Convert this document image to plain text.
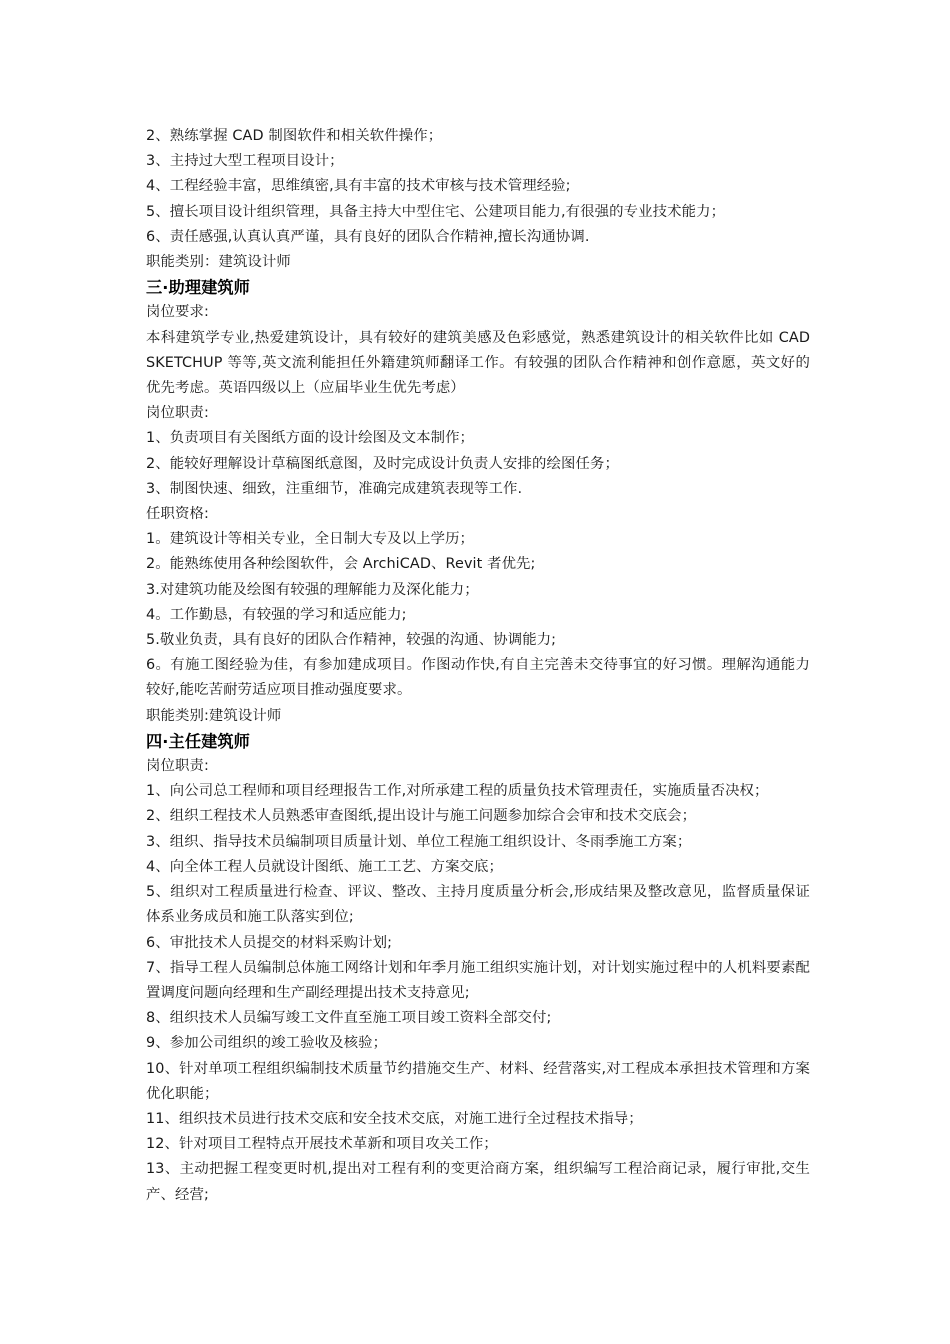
2、熟练掌握 CAD 制图软件和相关软件操作；
3、主持过大型工程项目设计；
4、工程经验丰富，思维缜密,具有丰富的技术审核与技术管理经验;
5、擅长项目设计组织管理，具备主持大中型住宅、公建项目能力,有很强的专业技术能力；
6、责任感强,认真认真严谨，具有良好的团队合作精神,擅长沟通协调.
职能类别：建筑设计师
三·助理建筑师
岗位要求:
本科建筑学专业,热爱建筑设计，具有较好的建筑美感及色彩感觉，熟悉建筑设计的相关软件比如 CAD SKETCHUP 等等,英文流利能担任外籍建筑师翻译工作。有较强的团队合作精神和创作意愿，英文好的优先考虑。英语四级以上（应届毕业生优先考虑）
岗位职责:
1、负责项目有关图纸方面的设计绘图及文本制作；
2、能较好理解设计草稿图纸意图，及时完成设计负责人安排的绘图任务；
3、制图快速、细致，注重细节，准确完成建筑表现等工作.
任职资格:
1。建筑设计等相关专业，全日制大专及以上学历；
2。能熟练使用各种绘图软件，会 ArchiCAD、Revit 者优先;
3.对建筑功能及绘图有较强的理解能力及深化能力；
4。工作勤恳，有较强的学习和适应能力;
5.敬业负责，具有良好的团队合作精神，较强的沟通、协调能力;
6。有施工图经验为佳，有参加建成项目。作图动作快,有自主完善未交待事宜的好习惯。理解沟通能力较好,能吃苦耐劳适应项目推动强度要求。
职能类别:建筑设计师
四·主任建筑师
岗位职责:
1、向公司总工程师和项目经理报告工作,对所承建工程的质量负技术管理责任，实施质量否决权；
2、组织工程技术人员熟悉审查图纸,提出设计与施工问题参加综合会审和技术交底会；
3、组织、指导技术员编制项目质量计划、单位工程施工组织设计、冬雨季施工方案；
4、向全体工程人员就设计图纸、施工工艺、方案交底；
5、组织对工程质量进行检查、评议、整改、主持月度质量分析会,形成结果及整改意见，监督质量保证体系业务成员和施工队落实到位;
6、审批技术人员提交的材料采购计划;
7、指导工程人员编制总体施工网络计划和年季月施工组织实施计划，对计划实施过程中的人机料要素配置调度问题向经理和生产副经理提出技术支持意见;
8、组织技术人员编写竣工文件直至施工项目竣工资料全部交付;
9、参加公司组织的竣工验收及核验；
10、针对单项工程组织编制技术质量节约措施交生产、材料、经营落实,对工程成本承担技术管理和方案优化职能；
11、组织技术员进行技术交底和安全技术交底，对施工进行全过程技术指导；
12、针对项目工程特点开展技术革新和项目攻关工作；
13、主动把握工程变更时机,提出对工程有利的变更洽商方案，组织编写工程洽商记录，履行审批,交生产、经营;
